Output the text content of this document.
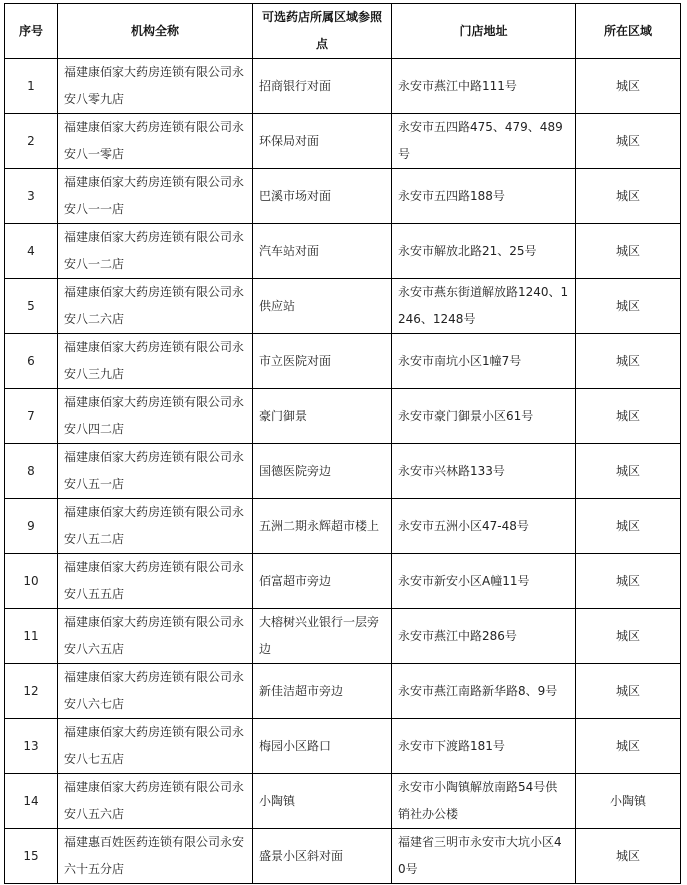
序号	机构全称	可选药店所属区域参照点	门店地址	所在区域
1	福建康佰家大药房连锁有限公司永安八零九店	招商银行对面	永安市燕江中路111号	城区
2	福建康佰家大药房连锁有限公司永安八一零店	环保局对面	永安市五四路475、479、489号	城区
3	福建康佰家大药房连锁有限公司永安八一一店	巴溪市场对面	永安市五四路188号	城区
4	福建康佰家大药房连锁有限公司永安八一二店	汽车站对面	永安市解放北路21、25号	城区
5	福建康佰家大药房连锁有限公司永安八二六店	供应站	永安市燕东街道解放路1240、1246、1248号	城区
6	福建康佰家大药房连锁有限公司永安八三九店	市立医院对面	永安市南坑小区1幢7号	城区
7	福建康佰家大药房连锁有限公司永安八四二店	豪门御景	永安市豪门御景小区61号	城区
8	福建康佰家大药房连锁有限公司永安八五一店	国德医院旁边	永安市兴林路133号	城区
9	福建康佰家大药房连锁有限公司永安八五二店	五洲二期永辉超市楼上	永安市五洲小区47-48号	城区
10	福建康佰家大药房连锁有限公司永安八五五店	佰富超市旁边	永安市新安小区A幢11号	城区
11	福建康佰家大药房连锁有限公司永安八六五店	大榕树兴业银行一层旁边	永安市燕江中路286号	城区
12	福建康佰家大药房连锁有限公司永安八六七店	新佳洁超市旁边	永安市燕江南路新华路8、9号	城区
13	福建康佰家大药房连锁有限公司永安八七五店	梅园小区路口	永安市下渡路181号	城区
14	福建康佰家大药房连锁有限公司永安八五六店	小陶镇	永安市小陶镇解放南路54号供销社办公楼	小陶镇
15	福建惠百姓医药连锁有限公司永安六十五分店	盛景小区斜对面	福建省三明市永安市大坑小区40号	城区
